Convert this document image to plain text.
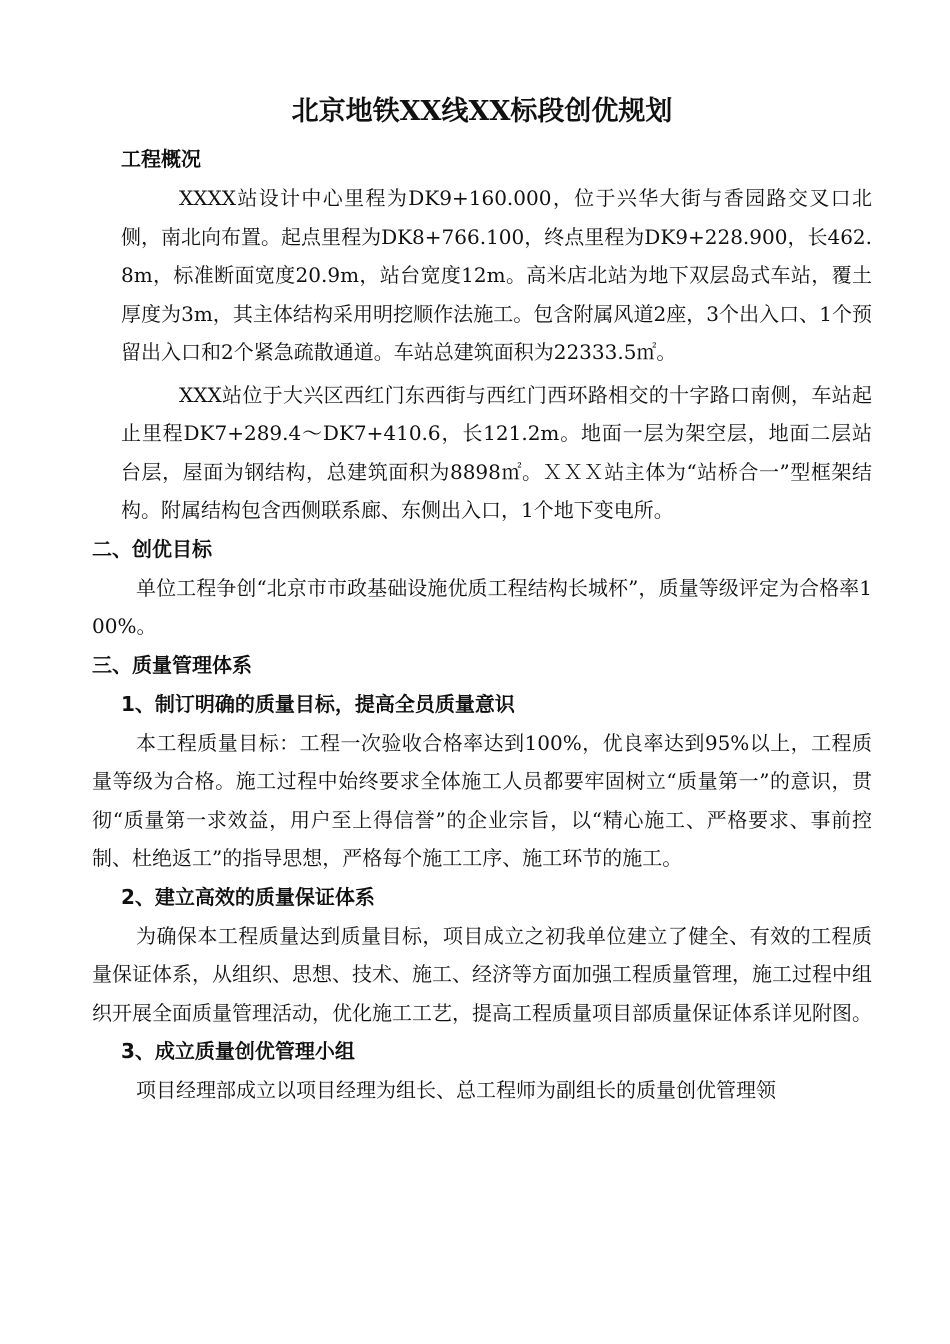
北京地铁XX线XX标段创优规划
工程概况

XXXX站设计中心里程为DK9+160.000，位于兴华大街与香园路交叉口北侧，南北向布置。起点里程为DK8+766.100，终点里程为DK9+228.900，长462.8m，标准断面宽度20.9m，站台宽度12m。高米店北站为地下双层岛式车站，覆土厚度为3m，其主体结构采用明挖顺作法施工。包含附属风道2座，3个出入口、1个预留出入口和2个紧急疏散通道。车站总建筑面积为22333.5㎡。

XXX站位于大兴区西红门东西街与西红门西环路相交的十字路口南侧，车站起止里程DK7+289.4～DK7+410.6，长121.2m。地面一层为架空层，地面二层站台层，屋面为钢结构，总建筑面积为8898㎡。ＸＸＸ站主体为“站桥合一”型框架结构。附属结构包含西侧联系廊、东侧出入口，1个地下变电所。

二、创优目标

单位工程争创“北京市市政基础设施优质工程结构长城杯”，质量等级评定为合格率100%。

三、质量管理体系
1、制订明确的质量目标，提高全员质量意识

本工程质量目标：工程一次验收合格率达到100%，优良率达到95%以上，工程质量等级为合格。施工过程中始终要求全体施工人员都要牢固树立“质量第一”的意识，贯彻“质量第一求效益，用户至上得信誉”的企业宗旨，以“精心施工、严格要求、事前控制、杜绝返工”的指导思想，严格每个施工工序、施工环节的施工。

2、建立高效的质量保证体系

为确保本工程质量达到质量目标，项目成立之初我单位建立了健全、有效的工程质量保证体系，从组织、思想、技术、施工、经济等方面加强工程质量管理，施工过程中组织开展全面质量管理活动，优化施工工艺，提高工程质量项目部质量保证体系详见附图。

3、成立质量创优管理小组

项目经理部成立以项目经理为组长、总工程师为副组长的质量创优管理领
